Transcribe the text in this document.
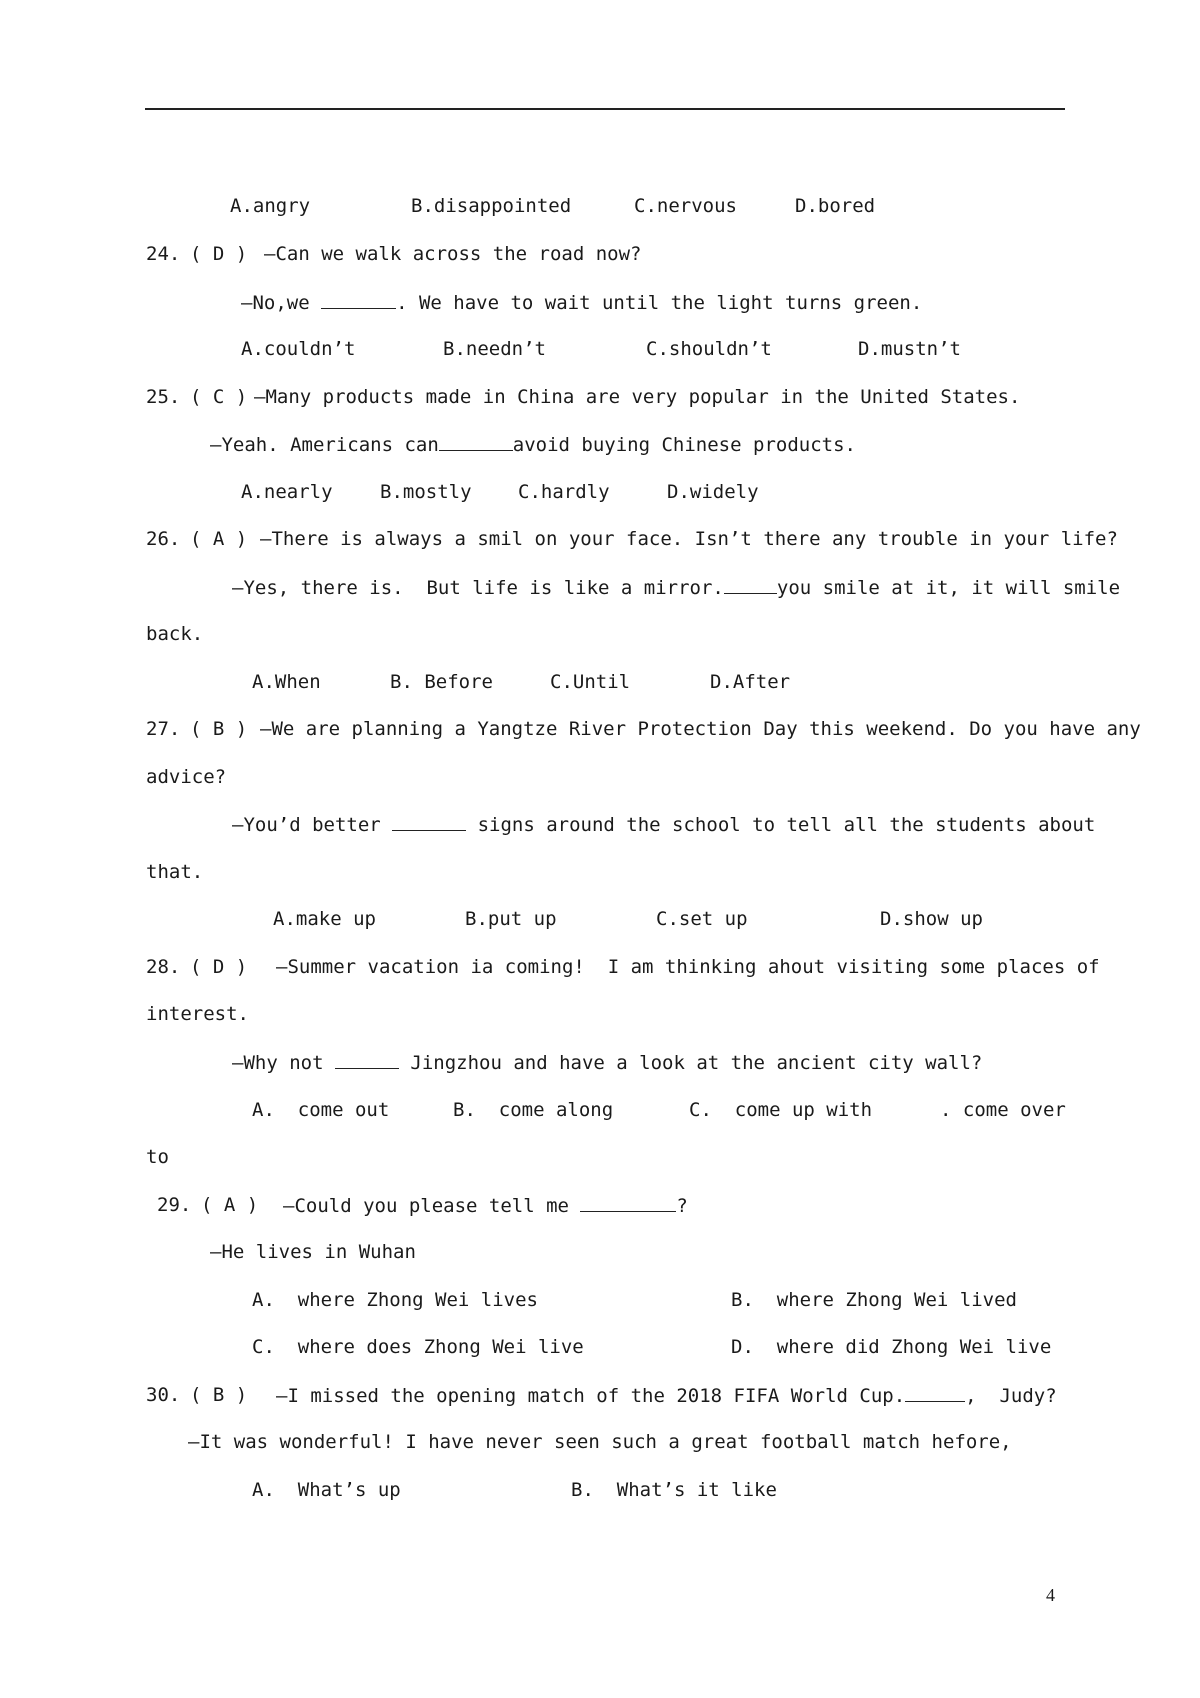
A.angry	B.disappointed	C.nervous	D.bored
24. ( D ) —Can we walk across the road now?
—No,we	. We have to wait until the light turns green.
A.couldn’t	B.needn’t	C.shouldn’t	D.mustn’t
25. ( C ) —Many products made in China are very popular in the United States.
—Yeah. Americans can	avoid buying Chinese products.
A.nearly B.mostly C.hardly	D.widely
26. ( A ) —There is always a smil on your face. Isn’t there any trouble in your life?
—Yes, there is.  But life is like a mirror.	you smile at it, it will smile
back.
A.When	B. Before	C.Until	D.After
27. ( B ) —We are planning a Yangtze River Protection Day this weekend. Do you have any
advice?
—You’d better	signs around the school to tell all the students about
that.
A.make up	B.put up	C.set up	D.show up
28. ( D ) —Summer vacation ia coming!  I am thinking ahout visiting some places of
interest.
—Why not	Jingzhou and have a look at the ancient city wall?
A.  come out	B.  come along	C.  come up with	. come over
to
29. ( A ) —Could you please tell me	?
—He lives in Wuhan
A.  where Zhong Wei lives	B.  where Zhong Wei lived
C.  where does Zhong Wei live	D.  where did Zhong Wei live
30. ( B ) —I missed the opening match of the 2018 FIFA World Cup.	,  Judy?
—It was wonderful! I have never seen such a great football match hefore,
A.  What’s up	B.  What’s it like
4
